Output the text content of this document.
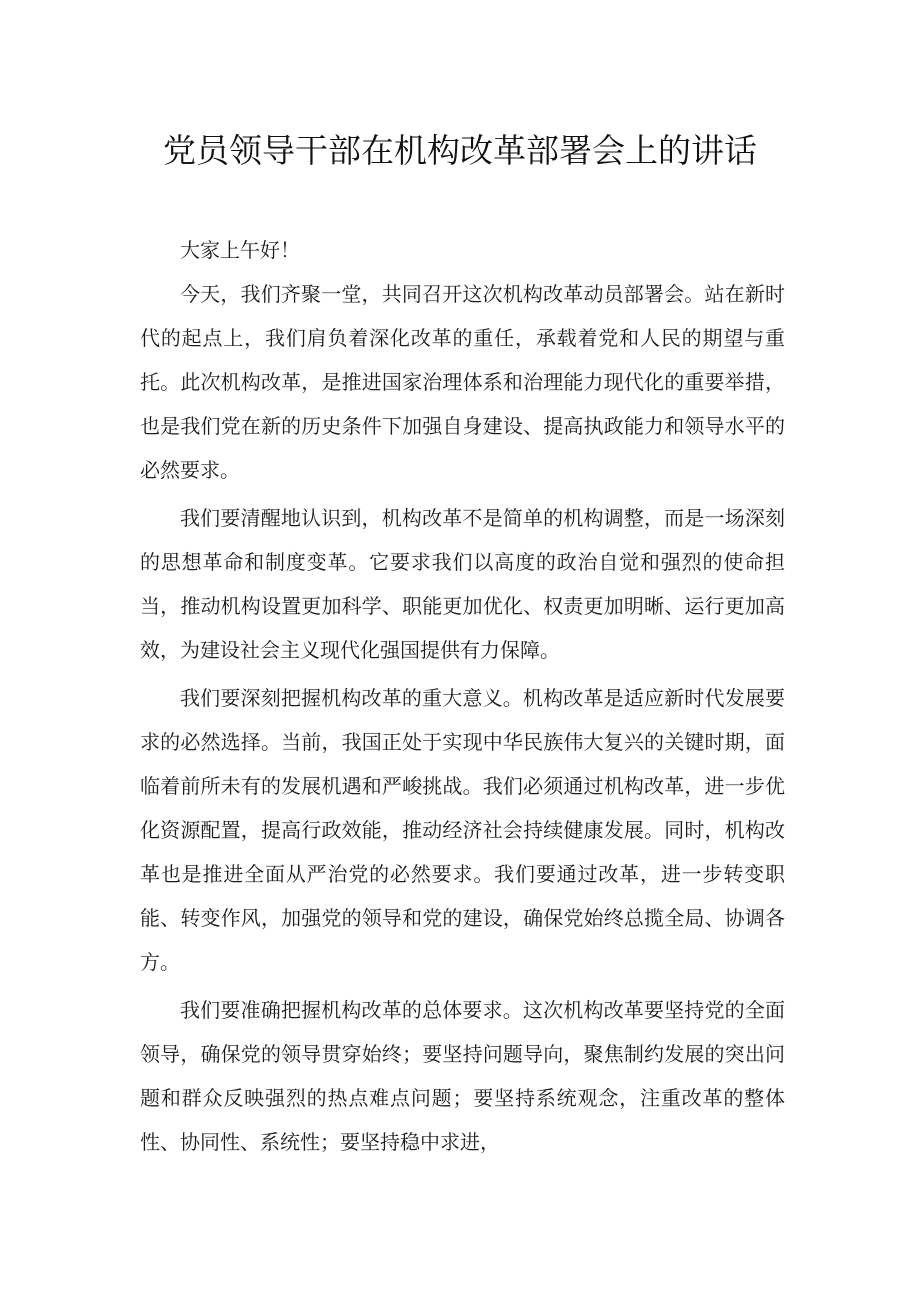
党员领导干部在机构改革部署会上的讲话

大家上午好！

今天，我们齐聚一堂，共同召开这次机构改革动员部署会。站在新时代的起点上，我们肩负着深化改革的重任，承载着党和人民的期望与重托。此次机构改革，是推进国家治理体系和治理能力现代化的重要举措，也是我们党在新的历史条件下加强自身建设、提高执政能力和领导水平的必然要求。

我们要清醒地认识到，机构改革不是简单的机构调整，而是一场深刻的思想革命和制度变革。它要求我们以高度的政治自觉和强烈的使命担当，推动机构设置更加科学、职能更加优化、权责更加明晰、运行更加高效，为建设社会主义现代化强国提供有力保障。

我们要深刻把握机构改革的重大意义。机构改革是适应新时代发展要求的必然选择。当前，我国正处于实现中华民族伟大复兴的关键时期，面临着前所未有的发展机遇和严峻挑战。我们必须通过机构改革，进一步优化资源配置，提高行政效能，推动经济社会持续健康发展。同时，机构改革也是推进全面从严治党的必然要求。我们要通过改革，进一步转变职能、转变作风，加强党的领导和党的建设，确保党始终总揽全局、协调各方。

我们要准确把握机构改革的总体要求。这次机构改革要坚持党的全面领导，确保党的领导贯穿始终；要坚持问题导向，聚焦制约发展的突出问题和群众反映强烈的热点难点问题；要坚持系统观念，注重改革的整体性、协同性、系统性；要坚持稳中求进，
